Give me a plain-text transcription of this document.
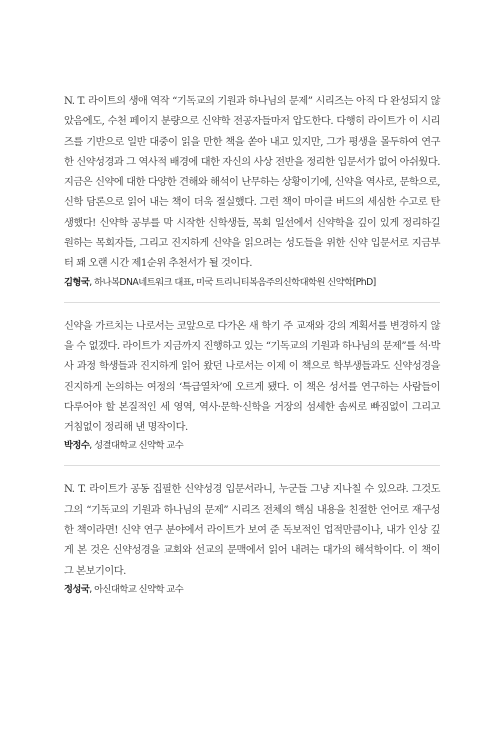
N. T. 라이트의 생애 역작 “기독교의 기원과 하나님의 문제” 시리즈는 아직 다 완성되지 않았음에도, 수천 페이지 분량으로 신약학 전공자들마저 압도한다. 다행히 라이트가 이 시리즈를 기반으로 일반 대중이 읽을 만한 책을 쏟아 내고 있지만, 그가 평생을 몰두하여 연구한 신약성경과 그 역사적 배경에 대한 자신의 사상 전반을 정리한 입문서가 없어 아쉬웠다. 지금은 신약에 대한 다양한 견해와 해석이 난무하는 상황이기에, 신약을 역사로, 문학으로, 신학 담론으로 읽어 내는 책이 더욱 절실했다. 그런 책이 마이클 버드의 세심한 수고로 탄생했다! 신약학 공부를 막 시작한 신학생들, 목회 일선에서 신약학을 깊이 있게 정리하길 원하는 목회자들, 그리고 진지하게 신약을 읽으려는 성도들을 위한 신약 입문서로 지금부터 꽤 오랜 시간 제1순위 추천서가 될 것이다.

김형국, 하나복DNA네트워크 대표, 미국 트리니티복음주의신학대학원 신약학[PhD]

신약을 가르치는 나로서는 코앞으로 다가온 새 학기 주 교재와 강의 계획서를 변경하지 않을 수 없겠다. 라이트가 지금까지 진행하고 있는 “기독교의 기원과 하나님의 문제”를 석·박사 과정 학생들과 진지하게 읽어 왔던 나로서는 이제 이 책으로 학부생들과도 신약성경을 진지하게 논의하는 여정의 ‘특급열차’에 오르게 됐다. 이 책은 성서를 연구하는 사람들이 다루어야 할 본질적인 세 영역, 역사·문학·신학을 거장의 섬세한 솜씨로 빠짐없이 그리고 거침없이 정리해 낸 명작이다.

박정수, 성결대학교 신약학 교수

N. T. 라이트가 공동 집필한 신약성경 입문서라니, 누군들 그냥 지나칠 수 있으랴. 그것도 그의 “기독교의 기원과 하나님의 문제” 시리즈 전체의 핵심 내용을 친절한 언어로 재구성한 책이라면! 신약 연구 분야에서 라이트가 보여 준 독보적인 업적만큼이나, 내가 인상 깊게 본 것은 신약성경을 교회와 선교의 문맥에서 읽어 내려는 대가의 해석학이다. 이 책이 그 본보기이다.

정성국, 아신대학교 신약학 교수
